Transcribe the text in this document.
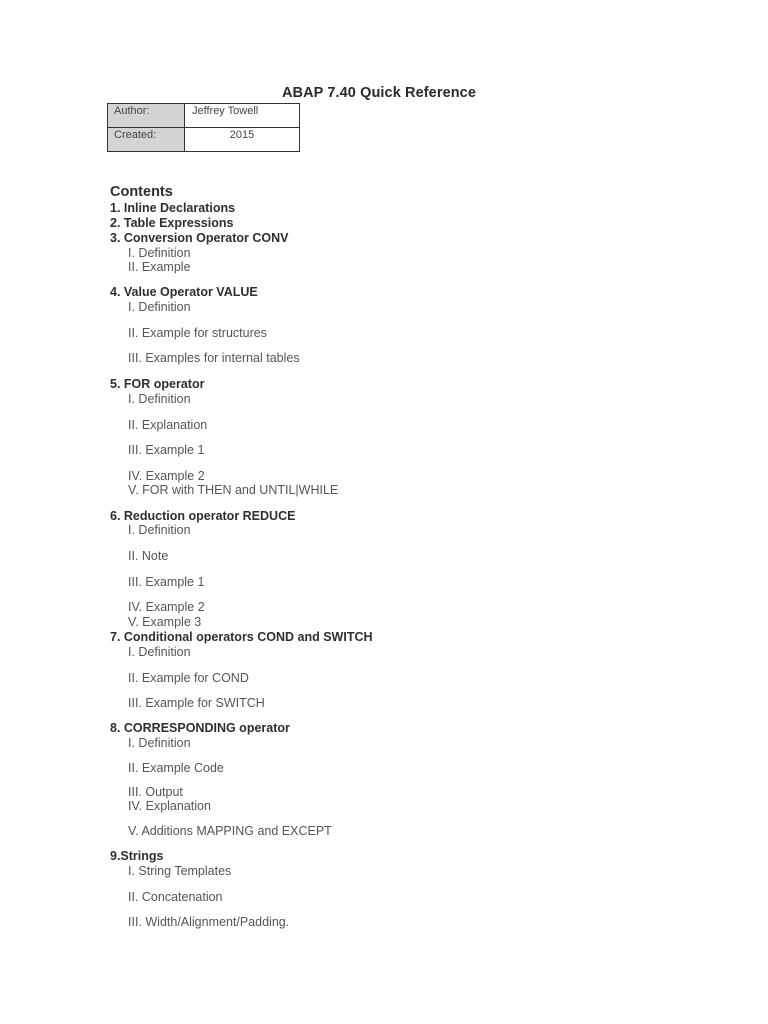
ABAP 7.40 Quick Reference
Author:	Jeffrey Towell
Created:	2015
Contents
1. Inline Declarations
2. Table Expressions
3. Conversion Operator CONV
I. Definition
II. Example
4. Value Operator VALUE
I. Definition
II. Example for structures
III. Examples for internal tables
5. FOR operator
I. Definition
II. Explanation
III. Example 1
IV. Example 2
V. FOR with THEN and UNTIL|WHILE
6. Reduction operator REDUCE
I. Definition
II. Note
III. Example 1
IV. Example 2
V. Example 3
7. Conditional operators COND and SWITCH
I. Definition
II. Example for COND
III. Example for SWITCH
8. CORRESPONDING operator
I. Definition
II. Example Code
III. Output
IV. Explanation
V. Additions MAPPING and EXCEPT
9.Strings
I. String Templates
II. Concatenation
III. Width/Alignment/Padding.
